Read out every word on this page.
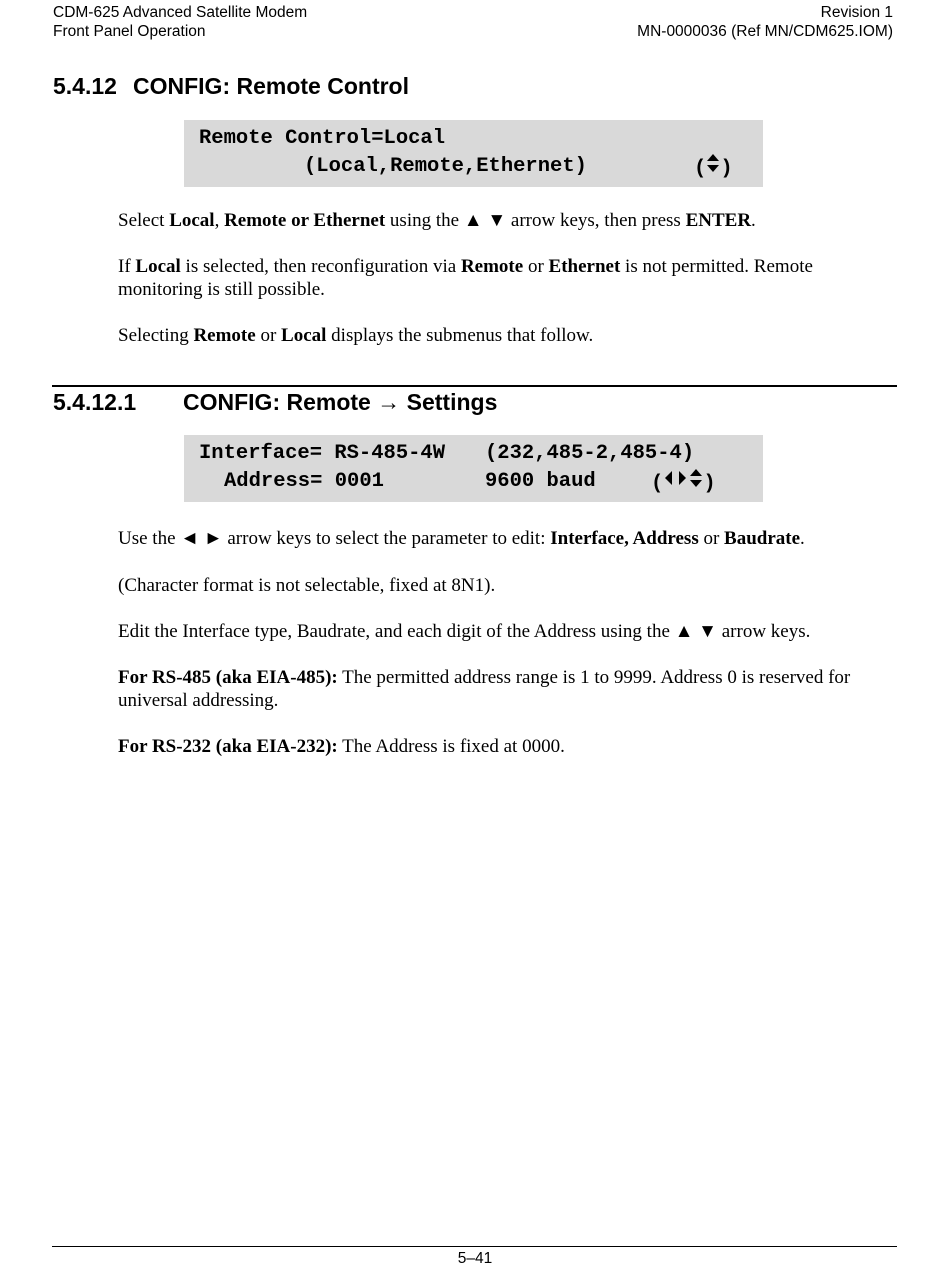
CDM-625 Advanced Satellite Modem
Front Panel Operation
Revision 1
MN-0000036 (Ref MN/CDM625.IOM)
5.4.12 CONFIG: Remote Control

Remote Control=Local

(Local,Remote,Ethernet)

	( )

Select Local, Remote or Ethernet using the ▲ ▼ arrow keys, then press ENTER.
If Local is selected, then reconfiguration via Remote or Ethernet is not permitted. Remote monitoring is still possible.
Selecting Remote or Local displays the submenus that follow.
5.4.12.1 CONFIG: Remote → Settings

Interface= RS-485-4W

(232,485-2,485-4)

Address= 0001

	9600 baud

	( )

Use the ◄ ► arrow keys to select the parameter to edit: Interface, Address or Baudrate.
(Character format is not selectable, fixed at 8N1).
Edit the Interface type, Baudrate, and each digit of the Address using the ▲ ▼ arrow keys.
For RS-485 (aka EIA-485): The permitted address range is 1 to 9999. Address 0 is reserved for universal addressing.
For RS-232 (aka EIA-232): The Address is fixed at 0000.
5–41
